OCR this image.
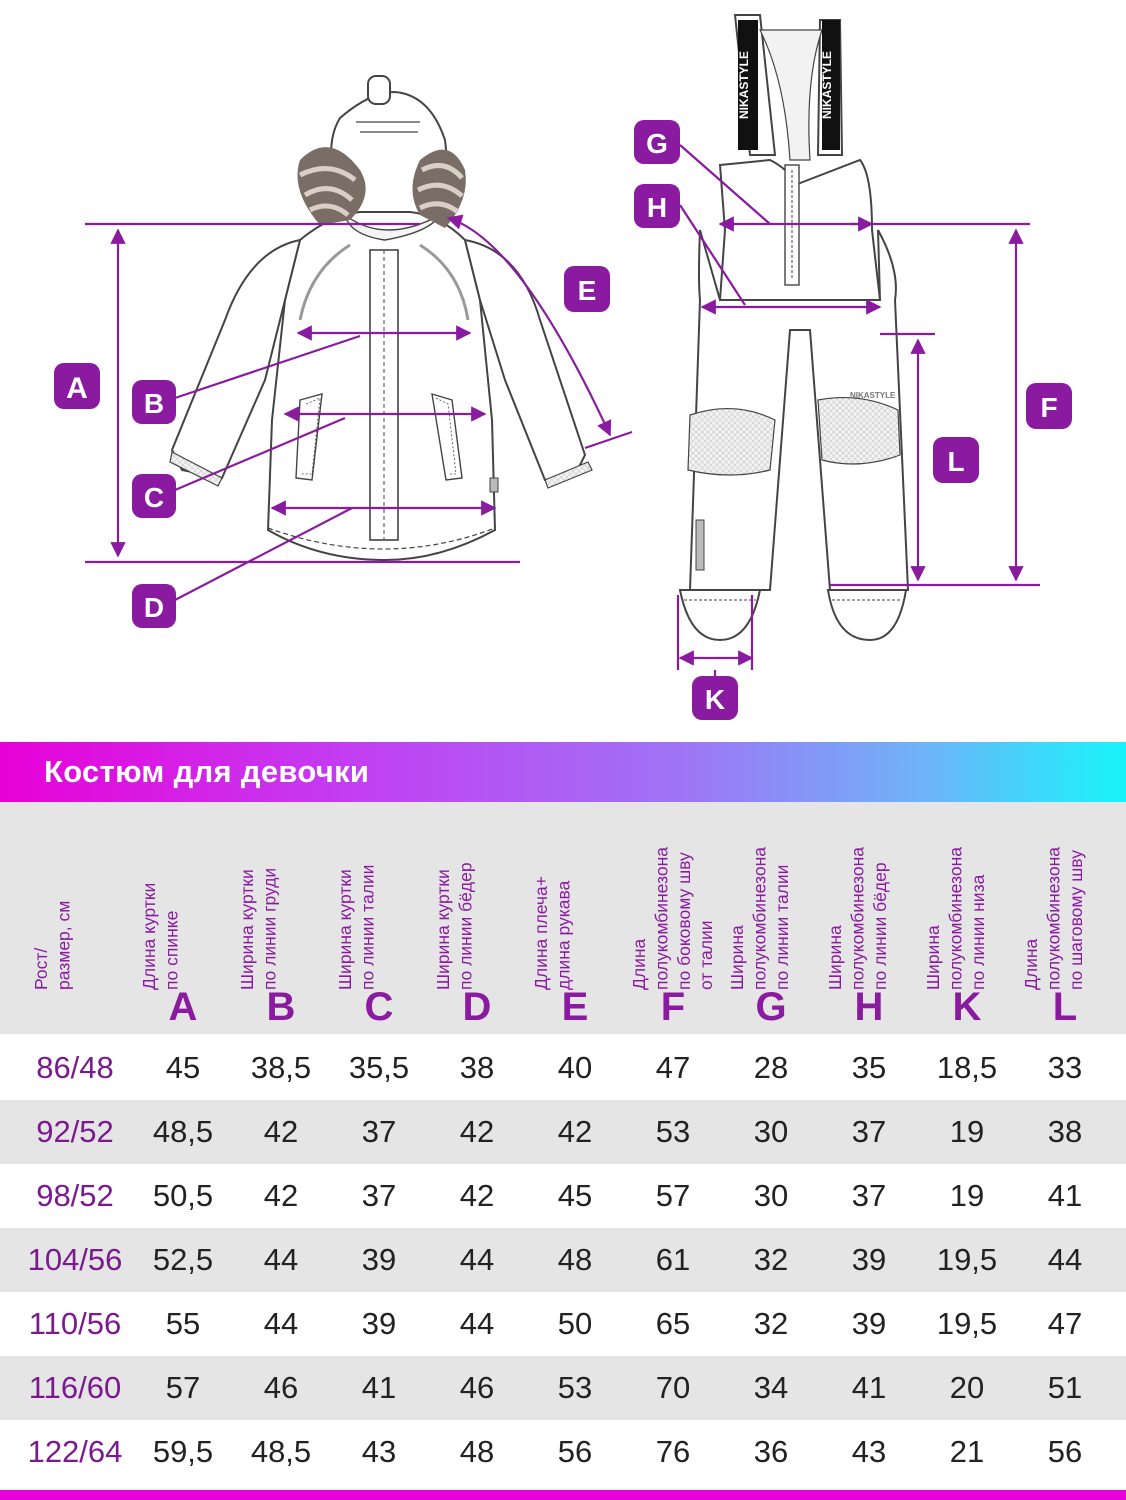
NIKASTYLE	NIKASTYLE
NIKASTYLE
A B
C
D
E
G
H
K
F
L
Костюм для девочки
Рост/
размер, см
Длина куртки
по спинке
A
Ширина куртки
по линии груди
B
Ширина куртки
по линии талии
C
Ширина куртки
по линии бёдер
D
Длина плеча+
длина рукава
E
Длина
полукомбинезона
по боковому шву
от талии
F
Ширина
полукомбинезона
по линии талии
G
Ширина
полукомбинезона
по линии бёдер
H
Ширина
полукомбинезона
по линии низа
K
Длина
полукомбинезона
по шаговому шву
L
86/48	45	38,5	35,5	38	40	47	28	35	18,5	33
92/52	48,5	42	37	42	42	53	30	37	19	38
98/52	50,5	42	37	42	45	57	30	37	19	41
104/56 52,5	44	39	44	48	61	32	39	19,5	44
110/56	55	44	39	44	50	65	32	39	19,5	47
116/60	57	46	41	46	53	70	34	41	20	51
122/64 59,5	48,5	43	48	56	76	36	43	21	56
